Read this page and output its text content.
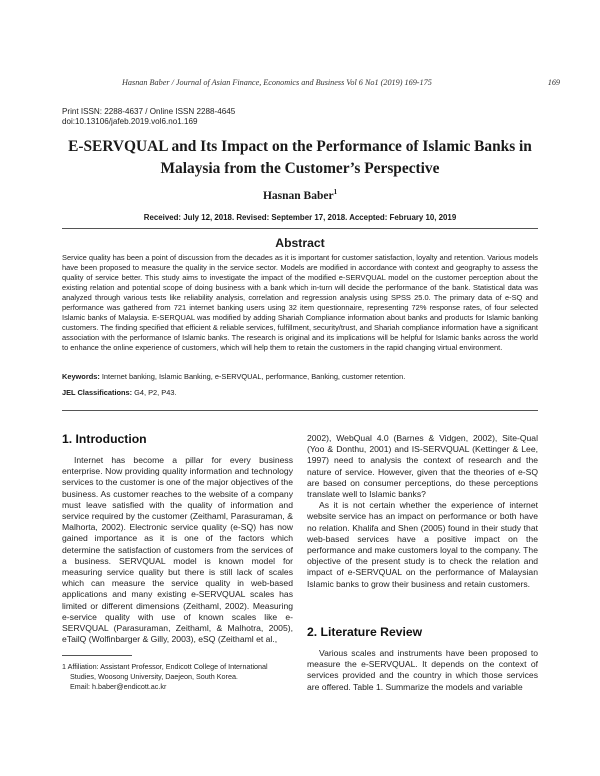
Hasnan Baber / Journal of Asian Finance, Economics and Business Vol 6 No1 (2019) 169-175	169
Print ISSN: 2288-4637 / Online ISSN 2288-4645
doi:10.13106/jafeb.2019.vol6.no1.169
E-SERVQUAL and Its Impact on the Performance of Islamic Banks in
Malaysia from the Customer’s Perspective
Hasnan Baber$^1$
Received: July 12, 2018. Revised: September 17, 2018. Accepted: February 10, 2019
Abstract
Service quality has been a point of discussion from the decades as it is important for customer satisfaction, loyalty and retention. Various models have been proposed to measure the quality in the service sector. Models are modified in accordance with context and geography to assess the quality of service better. This study aims to investigate the impact of the modified e-SERVQUAL model on the customer perception about the existing relation and potential scope of doing business with a bank which in-turn will decide the performance of the bank. Statistical data was analyzed through various tests like reliability analysis, correlation and regression analysis using SPSS 25.0. The primary data of e-SQ and performance was gathered from 721 internet banking users using 32 item questionnaire, representing 72% response rates, of four selected Islamic banks of Malaysia. E-SERQUAL was modified by adding Shariah Compliance information about banks and products for Islamic banking customers. The finding specified that efficient & reliable services, fulfillment, security/trust, and Shariah compliance information have a significant association with the performance of Islamic banks. The research is original and its implications will be helpful for Islamic banks across the world to enhance the online experience of customers, which will help them to retain the customers in the rapid changing virtual environment.
Keywords: Internet banking, Islamic Banking, e-SERVQUAL, performance, Banking, customer retention.
JEL Classifications: G4, P2, P43.
1. Introduction

Internet has become a pillar for every business enterprise. Now providing quality information and technology services to the customer is one of the major objectives of the business. As customer reaches to the website of a company must leave satisfied with the quality of information and service required by the customer (Zeithaml, Parasuraman, & Malhorta, 2002). Electronic service quality (e-SQ) has now gained importance as it is one of the factors which determine the satisfaction of customers from the services of a business. SERVQUAL model is known model for measuring service quality but there is still lack of scales which can measure the service quality in web-based applications and many existing e-SERVQUAL scales has limited or different dimensions (Zeithaml, 2002). Measuring e-service quality with use of known scales like e-SERVQUAL (Parasuraman, Zeithaml, & Malhotra, 2005), eTailQ (Wolfinbarger & Gilly, 2003), eSQ (Zeithaml et al.,

1 Affiliation: Assistant Professor, Endicott College of International Studies, Woosong University, Daejeon, South Korea.
Email: h.baber@endicott.ac.kr

2002), WebQual 4.0 (Barnes & Vidgen, 2002), Site-Qual (Yoo & Donthu, 2001) and IS-SERVQUAL (Kettinger & Lee, 1997) need to analysis the context of research and the nature of service. However, given that the theories of e-SQ are based on consumer perceptions, do these perceptions translate well to Islamic banks?

As it is not certain whether the experience of internet website service has an impact on performance or both have no relation. Khalifa and Shen (2005) found in their study that web-based services have a positive impact on the performance and make customers loyal to the company. The objective of the present study is to check the relation and impact of e-SERVQUAL on the performance of Malaysian Islamic banks to grow their business and retain customers.

2. Literature Review

Various scales and instruments have been proposed to measure the e-SERVQUAL. It depends on the context of services provided and the country in which those services are offered. Table 1. Summarize the models and variable
